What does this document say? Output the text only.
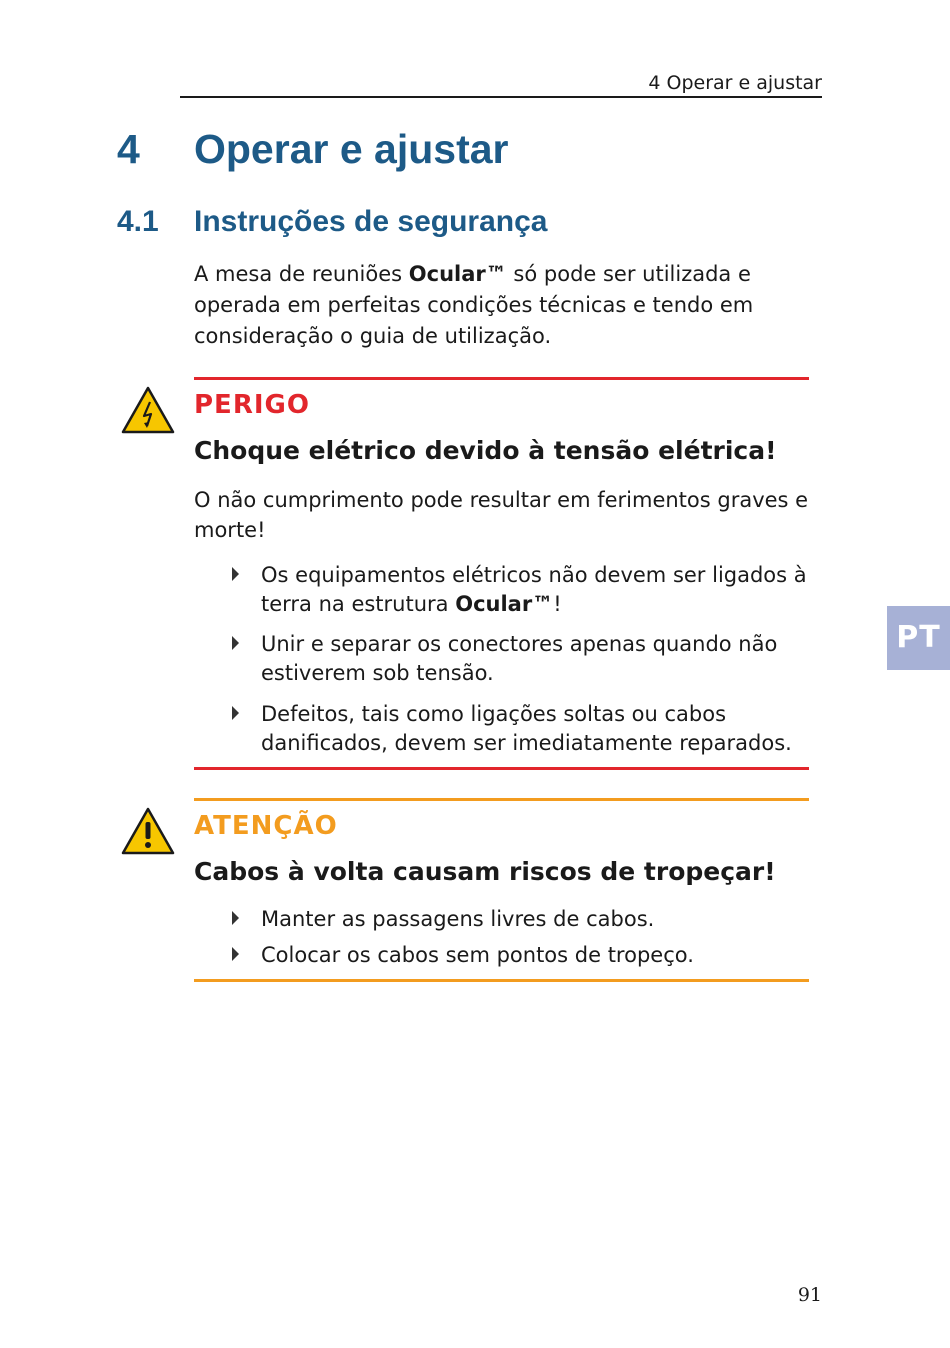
4 Operar e ajustar
4 Operar e ajustar
4.1 Instruções de segurança
A mesa de reuniões Ocular™ só pode ser utilizada e operada em perfeitas condições técnicas e tendo em consideração o guia de utilização.
PERIGO
Choque elétrico devido à tensão elétrica!
O não cumprimento pode resultar em ferimentos graves e morte!
Os equipamentos elétricos não devem ser ligados à terra na estrutura Ocular™!
Unir e separar os conectores apenas quando não estiverem sob tensão.
Defeitos, tais como ligações soltas ou cabos danificados, devem ser imediatamente reparados.
ATENÇÃO
Cabos à volta causam riscos de tropeçar!
Manter as passagens livres de cabos.
Colocar os cabos sem pontos de tropeço.
PT
91
